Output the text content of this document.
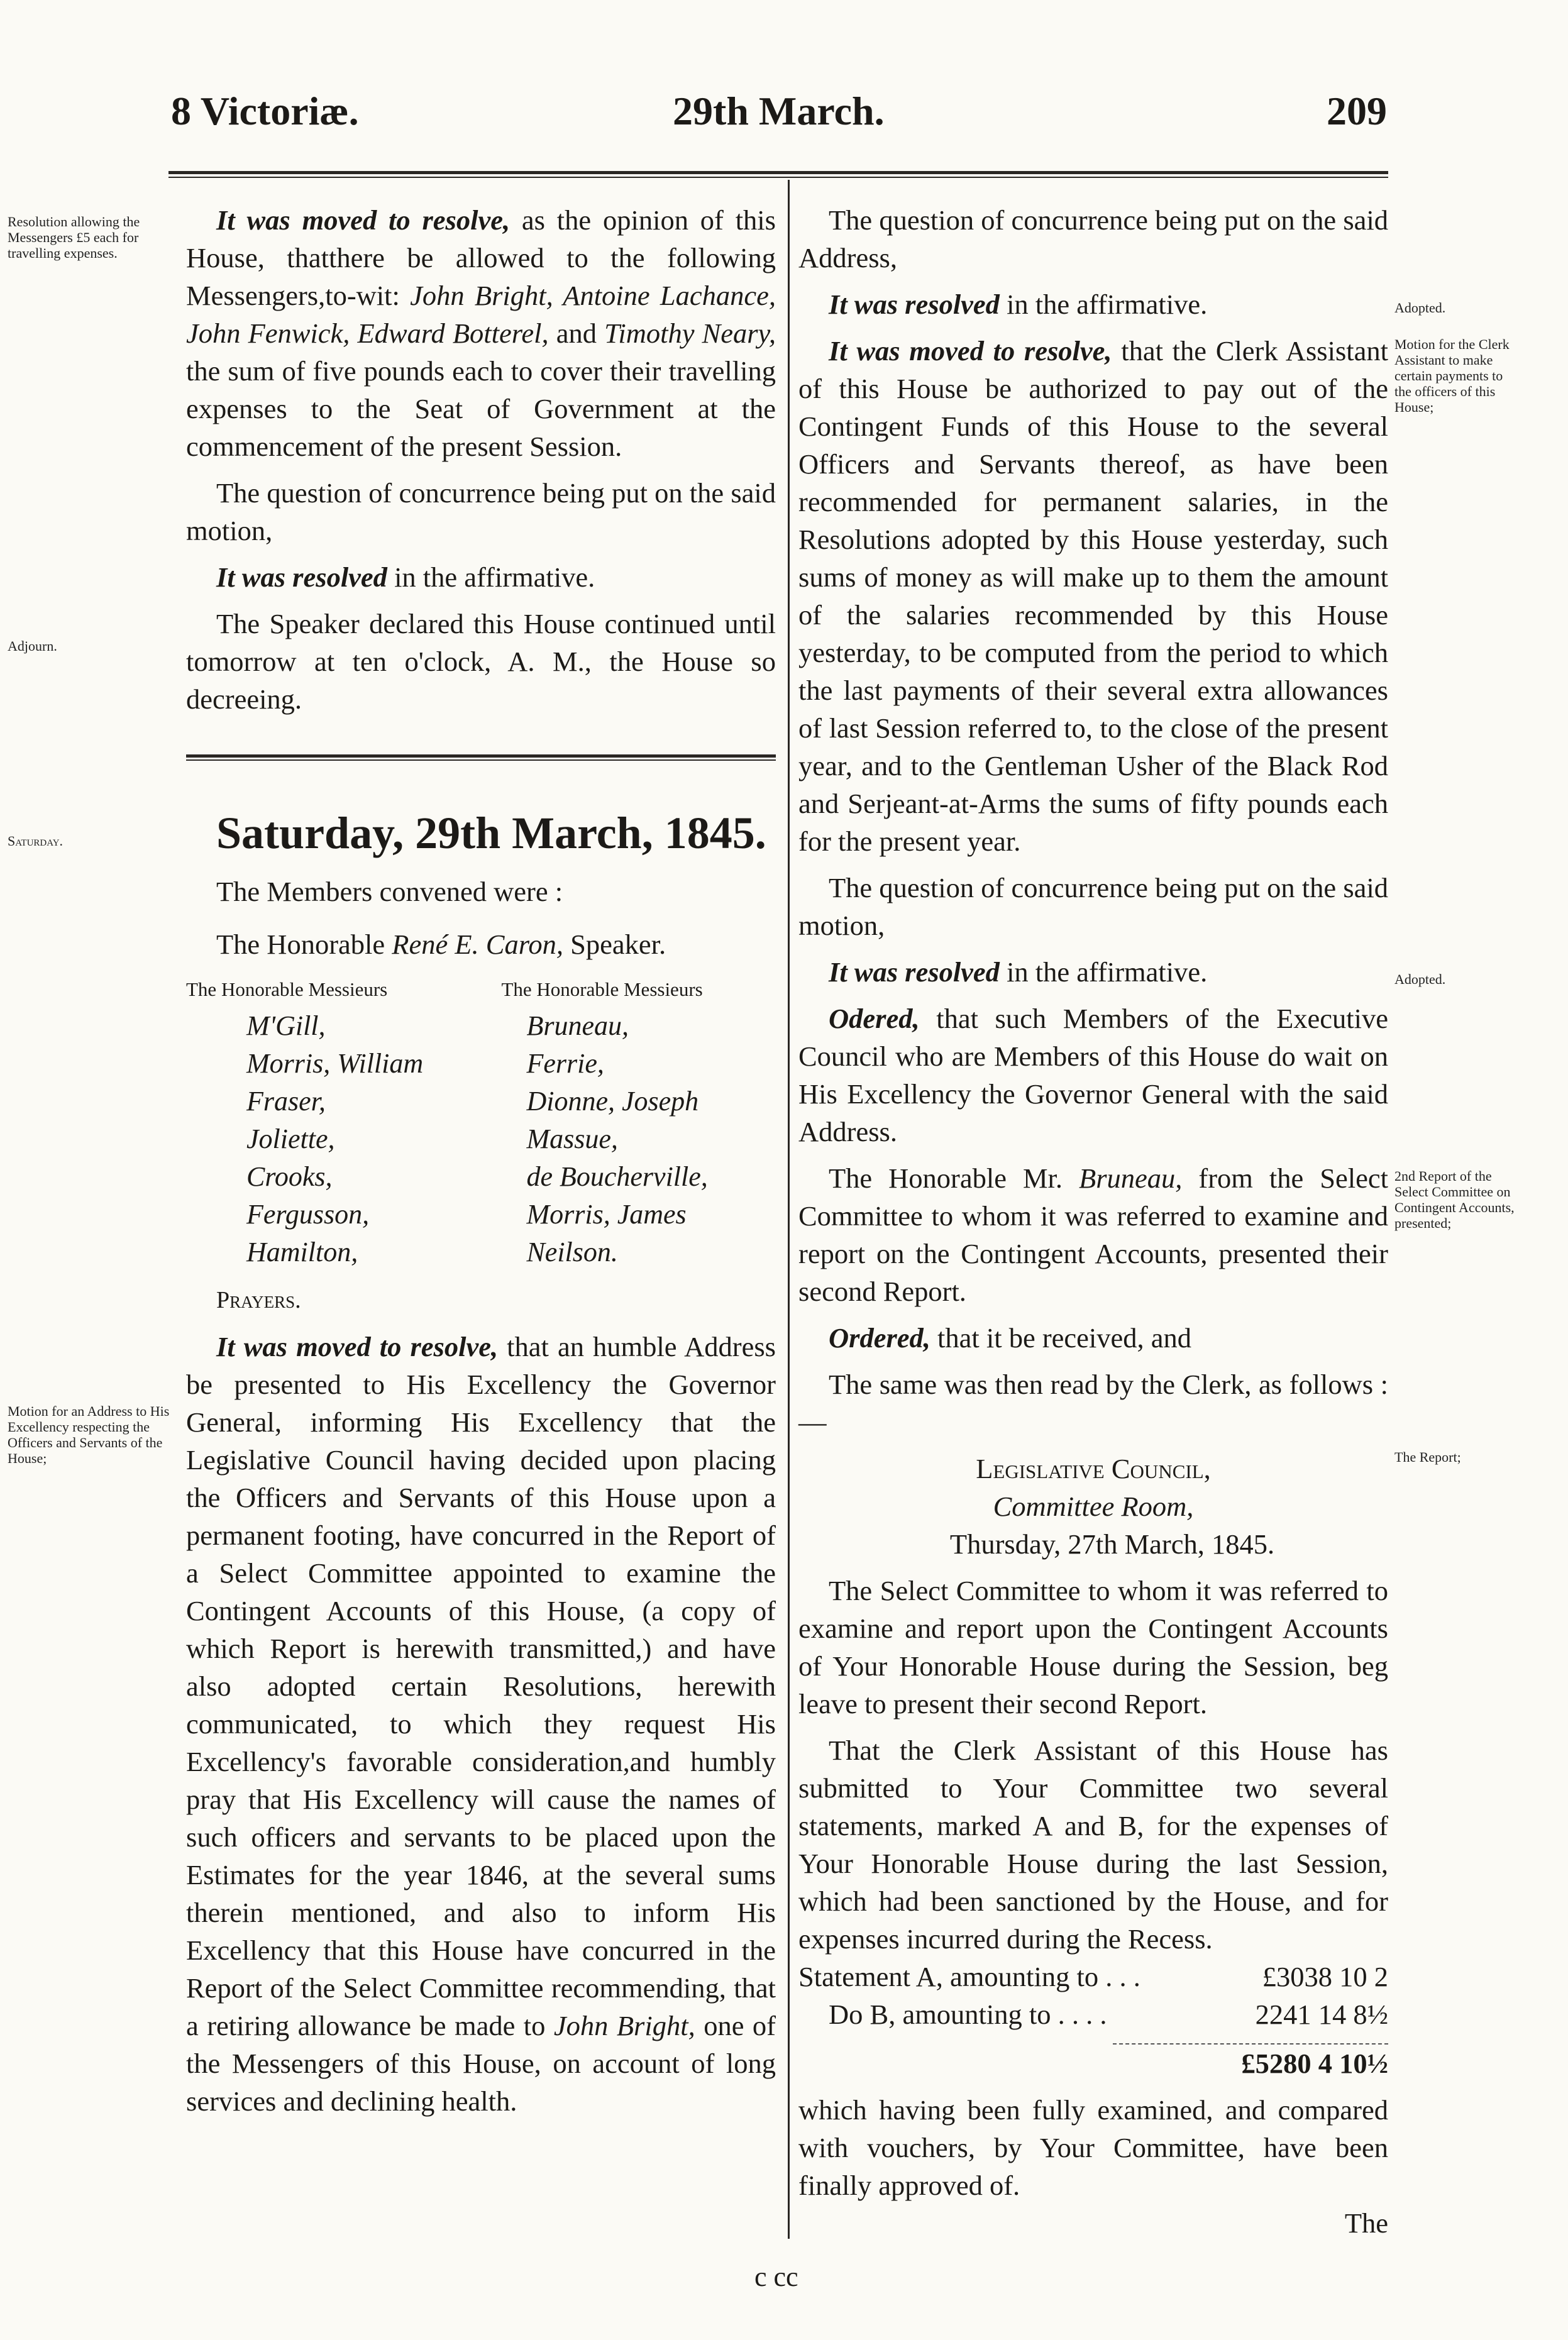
8 Victoriæ.	29th March.	209
Resolution allowing the Messengers £5 each for travelling expenses.
Adjourn.
Saturday.
Motion for an Address to His Excellency respecting the Officers and Servants of the House;
Adopted.
Motion for the Clerk Assistant to make certain payments to the officers of this House;
Adopted.
2nd Report of the Select Committee on Contingent Accounts, presented;
The Report;

It was moved to resolve, as the opinion of this House, thatthere be allowed to the following Messengers,to-wit: John Bright, Antoine Lachance, John Fenwick, Edward Botterel, and Timothy Neary, the sum of five pounds each to cover their travelling expenses to the Seat of Government at the commencement of the present Session.

The question of concurrence being put on the said motion,

It was resolved in the affirmative.

The Speaker declared this House continued until tomorrow at ten o'clock, A. M., the House so decreeing.

Saturday, 29th March, 1845.

The Members convened were :

The Honorable René E. Caron, Speaker.

The Honorable Messieurs	The Honorable Messieurs
M'Gill,	Bruneau,
Morris, William	Ferrie,
Fraser,	Dionne, Joseph
Joliette,	Massue,
Crooks,	de Boucherville,
Fergusson,	Morris, James
Hamilton,	Neilson.

Prayers.

It was moved to resolve, that an humble Address be presented to His Excellency the Governor General, informing His Excellency that the Legislative Council having decided upon placing the Officers and Servants of this House upon a permanent footing, have concurred in the Report of a Select Committee appointed to examine the Contingent Accounts of this House, (a copy of which Report is herewith transmitted,) and have also adopted certain Resolutions, herewith communicated, to which they request His Excellency's favorable consideration,and humbly pray that His Excellency will cause the names of such officers and servants to be placed upon the Estimates for the year 1846, at the several sums therein mentioned, and also to inform His Excellency that this House have concurred in the Report of the Select Committee recommending, that a retiring allowance be made to John Bright, one of the Messengers of this House, on account of long services and declining health.

The question of concurrence being put on the said Address,

It was resolved in the affirmative.

It was moved to resolve, that the Clerk Assistant of this House be authorized to pay out of the Contingent Funds of this House to the several Officers and Servants thereof, as have been recommended for permanent salaries, in the Resolutions adopted by this House yesterday, such sums of money as will make up to them the amount of the salaries recommended by this House yesterday, to be computed from the period to which the last payments of their several extra allowances of last Session referred to, to the close of the present year, and to the Gentleman Usher of the Black Rod and Serjeant-at-Arms the sums of fifty pounds each for the present year.

The question of concurrence being put on the said motion,

It was resolved in the affirmative.

Odered, that such Members of the Executive Council who are Members of this House do wait on His Excellency the Governor General with the said Address.

The Honorable Mr. Bruneau, from the Select Committee to whom it was referred to examine and report on the Contingent Accounts, presented their second Report.

Ordered, that it be received, and

The same was then read by the Clerk, as follows :—

Legislative Council,

Committee Room,

Thursday, 27th March, 1845.

The Select Committee to whom it was referred to examine and report upon the Contingent Accounts of Your Honorable House during the Session, beg leave to present their second Report.

That the Clerk Assistant of this House has submitted to Your Committee two several statements, marked A and B, for the expenses of Your Honorable House during the last Session, which had been sanctioned by the House, and for expenses incurred during the Recess.

Statement A, amounting to . . .	£3038 10 2
Do B, amounting to . . . .	2241 14 8½
£5280 4 10½

which having been fully examined, and compared with vouchers, by Your Committee, have been finally approved of.

The

c cc
